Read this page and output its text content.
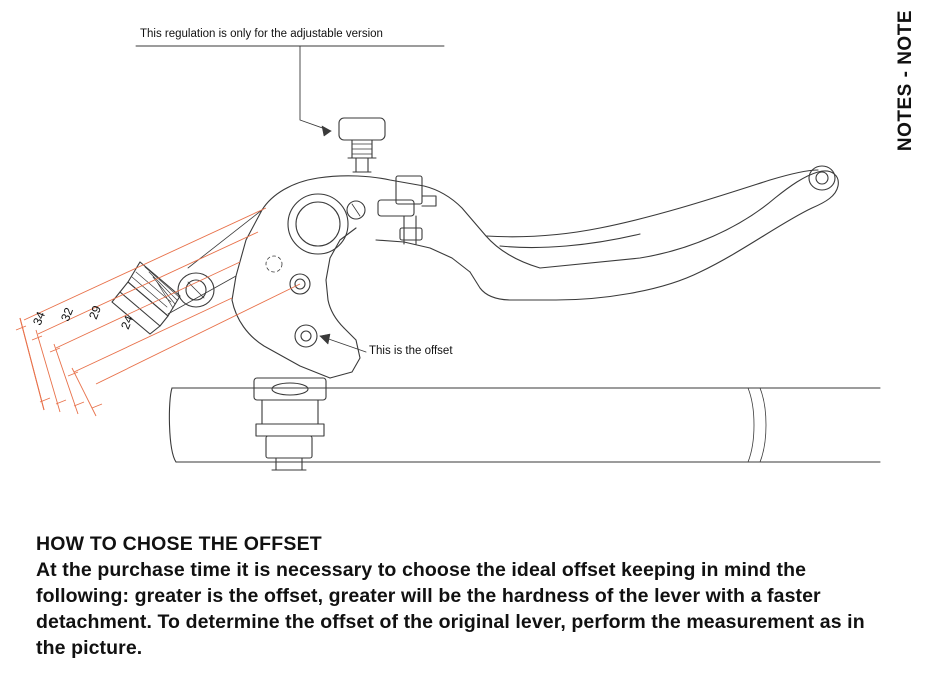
NOTES - NOTE
This regulation is only for the adjustable version
This is the offset
34 32 29
24
HOW TO CHOSE THE OFFSET

At the purchase time it is necessary to choose the ideal offset keeping in mind the following: greater is the offset, greater will be the hardness of the lever with a faster detachment. To determine the offset of the original lever, perform the measurement as in the picture.
